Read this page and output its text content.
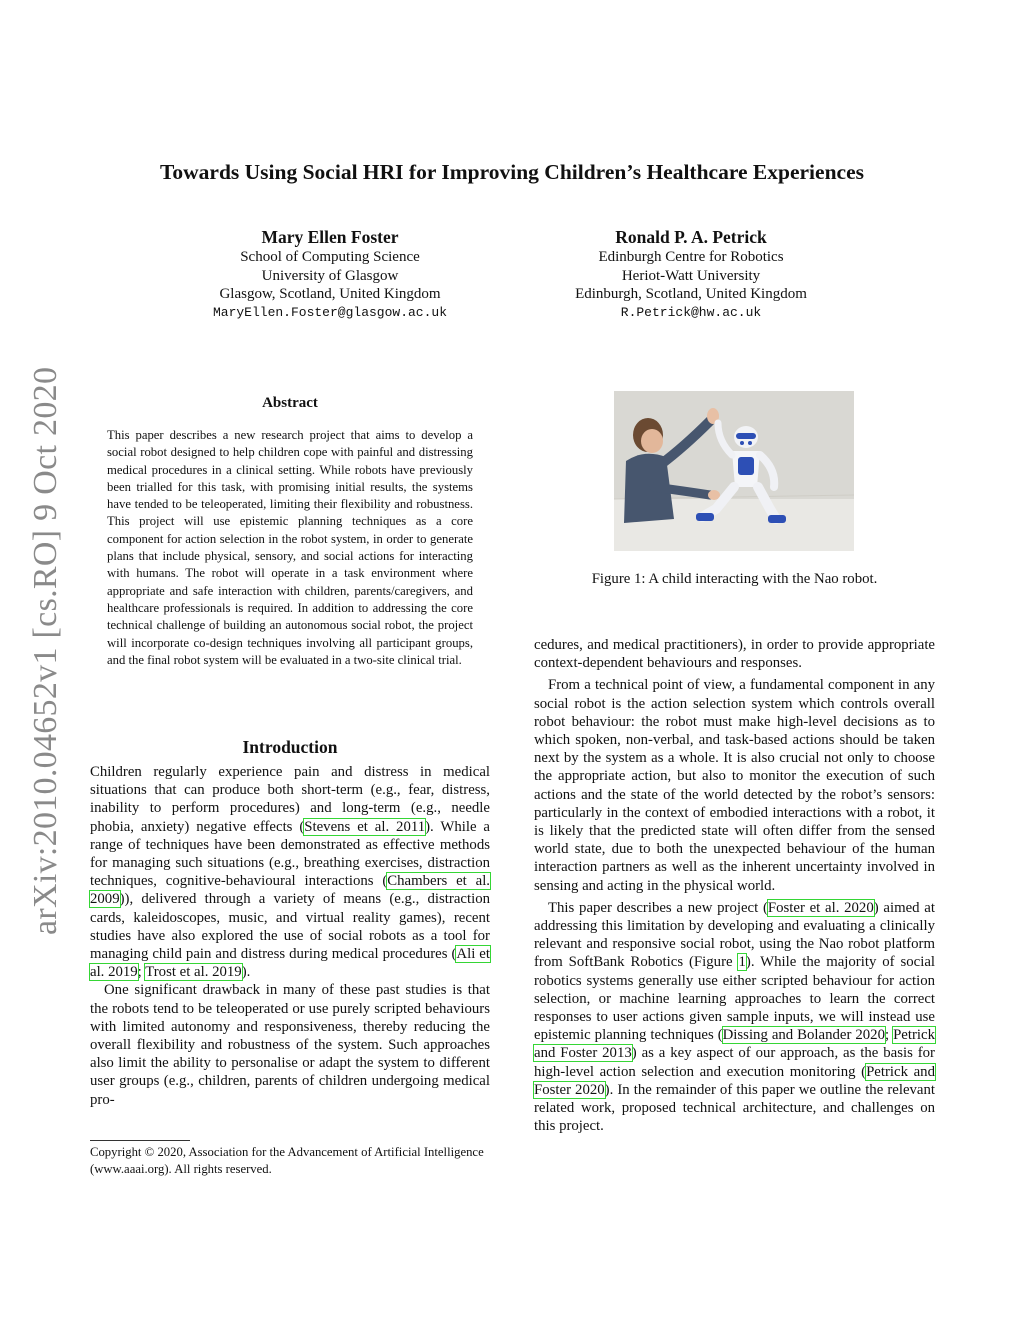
Towards Using Social HRI for Improving Children’s Healthcare Experiences
Mary Ellen Foster
School of Computing Science
University of Glasgow
Glasgow, Scotland, United Kingdom
MaryEllen.Foster@glasgow.ac.uk
Ronald P. A. Petrick
Edinburgh Centre for Robotics
Heriot-Watt University
Edinburgh, Scotland, United Kingdom
R.Petrick@hw.ac.uk
arXiv:2010.04652v1 [cs.RO] 9 Oct 2020	Abstract
This paper describes a new research project that aims to develop a social robot designed to help children cope with painful and distressing medical procedures in a clinical setting. While robots have previously been trialled for this task, with promising initial results, the systems have tended to be teleoperated, limiting their flexibility and robustness. This project will use epistemic planning techniques as a core component for action selection in the robot system, in order to generate plans that include physical, sensory, and social actions for interacting with humans. The robot will operate in a task environment where appropriate and safe interaction with children, parents/caregivers, and healthcare professionals is required. In addition to addressing the core technical challenge of building an autonomous social robot, the project will incorporate co-design techniques involving all participant groups, and the final robot system will be evaluated in a two-site clinical trial.
Introduction

Children regularly experience pain and distress in medical situations that can produce both short-term (e.g., fear, distress, inability to perform procedures) and long-term (e.g., needle phobia, anxiety) negative effects (Stevens et al. 2011). While a range of techniques have been demonstrated as effective methods for managing such situations (e.g., breathing exercises, distraction techniques, cognitive-behavioural interactions (Chambers et al. 2009)), delivered through a variety of means (e.g., distraction cards, kaleidoscopes, music, and virtual reality games), recent studies have also explored the use of social robots as a tool for managing child pain and distress during medical procedures (Ali et al. 2019; Trost et al. 2019).

One significant drawback in many of these past studies is that the robots tend to be teleoperated or use purely scripted behaviours with limited autonomy and responsiveness, thereby reducing the overall flexibility and robustness of the system. Such approaches also limit the ability to personalise or adapt the system to different user groups (e.g., children, parents of children undergoing medical pro-

Copyright © 2020, Association for the Advancement of Artificial Intelligence (www.aaai.org). All rights reserved.
Figure 1: A child interacting with the Nao robot.

cedures, and medical practitioners), in order to provide appropriate context-dependent behaviours and responses.

From a technical point of view, a fundamental component in any social robot is the action selection system which controls overall robot behaviour: the robot must make high-level decisions as to which spoken, non-verbal, and task-based actions should be taken next by the system as a whole. It is also crucial not only to choose the appropriate action, but also to monitor the execution of such actions and the state of the world detected by the robot’s sensors: particularly in the context of embodied interactions with a robot, it is likely that the predicted state will often differ from the sensed world state, due to both the unexpected behaviour of the human interaction partners as well as the inherent uncertainty involved in sensing and acting in the physical world.

This paper describes a new project (Foster et al. 2020) aimed at addressing this limitation by developing and evaluating a clinically relevant and responsive social robot, using the Nao robot platform from SoftBank Robotics (Figure 1). While the majority of social robotics systems generally use either scripted behaviour for action selection, or machine learning approaches to learn the correct responses to user actions given sample inputs, we will instead use epistemic planning techniques (Dissing and Bolander 2020; Petrick and Foster 2013) as a key aspect of our approach, as the basis for high-level action selection and execution monitoring (Petrick and Foster 2020). In the remainder of this paper we outline the relevant related work, proposed technical architecture, and challenges on this project.
